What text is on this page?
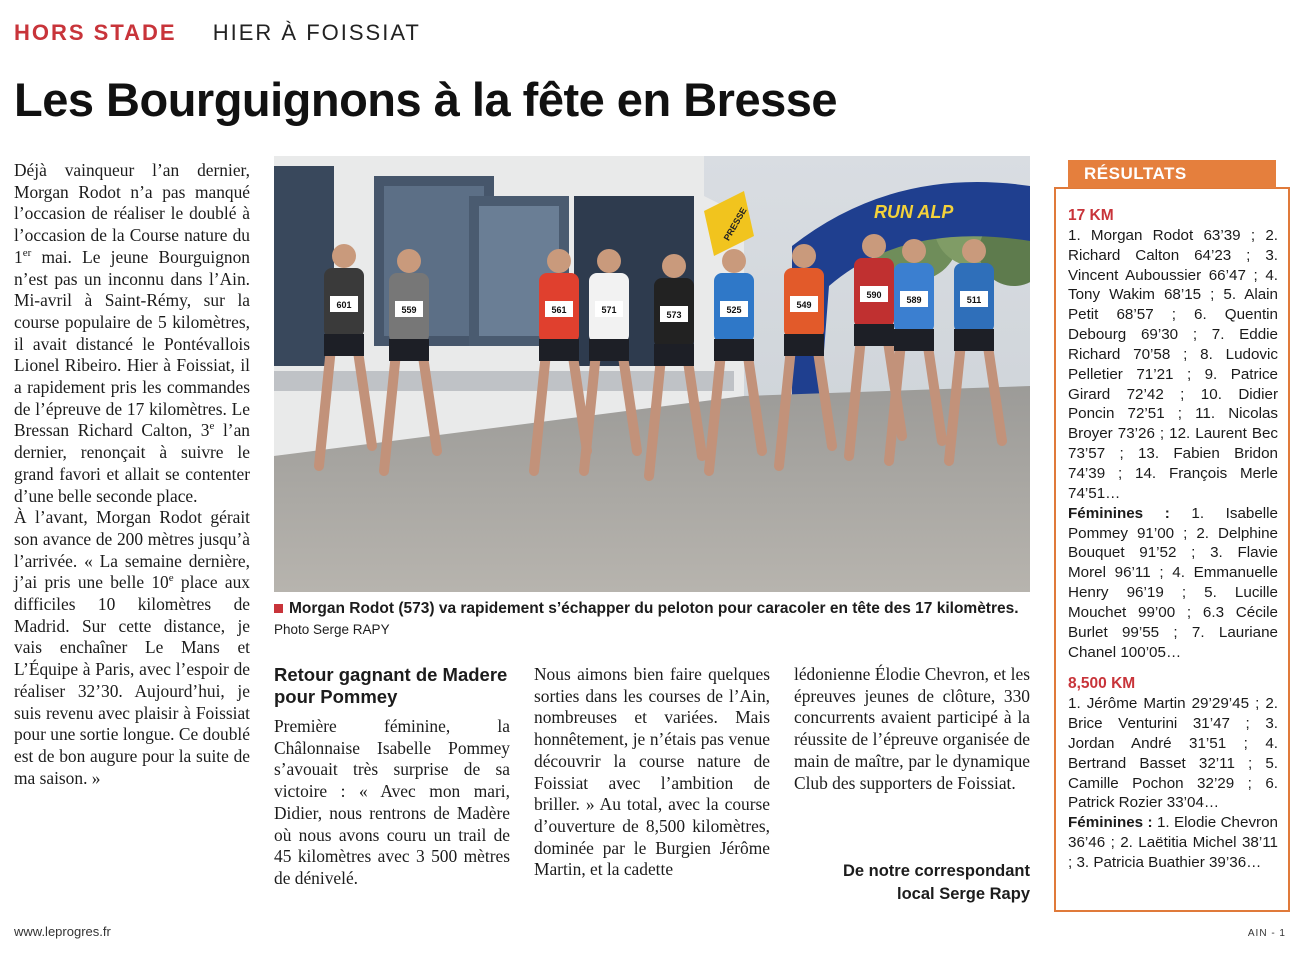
HORS STADE HIER À FOISSIAT
Les Bourguignons à la fête en Bresse

Déjà vainqueur l’an dernier, Morgan Rodot n’a pas manqué l’occasion de réaliser le doublé à l’occasion de la Course nature du 1er mai. Le jeune Bourguignon n’est pas un inconnu dans l’Ain. Mi-avril à Saint-Rémy, sur la course populaire de 5 kilomètres, il avait distancé le Pontévallois Lionel Ribeiro. Hier à Foissiat, il a rapidement pris les commandes de l’épreuve de 17 kilomètres. Le Bressan Richard Calton, 3e l’an dernier, renonçait à suivre le grand favori et allait se contenter d’une belle seconde place.

À l’avant, Morgan Rodot gérait son avance de 200 mètres jusqu’à l’arrivée. « La semaine dernière, j’ai pris une belle 10e place aux difficiles 10 kilomètres de Madrid. Sur cette distance, je vais enchaîner Le Mans et L’Équipe à Paris, avec l’espoir de réaliser 32’30. Aujourd’hui, je suis revenu avec plaisir à Foissiat pour une sortie longue. Ce doublé est de bon augure pour la suite de ma saison. »

RUN ALP
PRESSE
601	559	561	571	573	525	549
590	589	511
Morgan Rodot (573) va rapidement s’échapper du peloton pour caracoler en tête des 17 kilomètres. Photo Serge RAPY
Retour gagnant de Madere pour Pommey

Première féminine, la Châlonnaise Isabelle Pommey s’avouait très surprise de sa victoire : « Avec mon mari, Didier, nous rentrons de Madère où nous avons couru un trail de 45 kilomètres avec 3 500 mètres de dénivelé.

Nous aimons bien faire quelques sorties dans les courses de l’Ain, nombreuses et variées. Mais honnêtement, je n’étais pas venue découvrir la course nature de Foissiat avec l’ambition de briller. » Au total, avec la course d’ouverture de 8,500 kilomètres, dominée par le Burgien Jérôme Martin, et la cadette

lédonienne Élodie Chevron, et les épreuves jeunes de clôture, 330 concurrents avaient participé à la réussite de l’épreuve organisée de main de maître, par le dynamique Club des supporters de Foissiat.

De notre correspondant
local Serge Rapy
RÉSULTATS
17 KM

1. Morgan Rodot 63’39 ; 2. Richard Calton 64’23 ; 3. Vincent Auboussier 66’47 ; 4. Tony Wakim 68’15 ; 5. Alain Petit 68’57 ; 6. Quentin Debourg 69’30 ; 7. Eddie Richard 70’58 ; 8. Ludovic Pelletier 71’21 ; 9. Patrice Girard 72’42 ; 10. Didier Poncin 72’51 ; 11. Nicolas Broyer 73’26 ; 12. Laurent Bec 73’57 ; 13. Fabien Bridon 74’39 ; 14. François Merle 74’51…

Féminines : 1. Isabelle Pommey 91’00 ; 2. Delphine Bouquet 91’52 ; 3. Flavie Morel 96’11 ; 4. Emmanuelle Henry 96’19 ; 5. Lucille Mouchet 99’00 ; 6.3 Cécile Burlet 99’55 ; 7. Lauriane Chanel 100’05…

8,500 KM

1. Jérôme Martin 29’29’45 ; 2. Brice Venturini 31’47 ; 3. Jordan André 31’51 ; 4. Bertrand Basset 32’11 ; 5. Camille Pochon 32’29 ; 6. Patrick Rozier 33’04…

Féminines : 1. Elodie Chevron 36’46 ; 2. Laëtitia Michel 38’11 ; 3. Patricia Buathier 39’36…

www.leprogres.fr	AIN - 1
